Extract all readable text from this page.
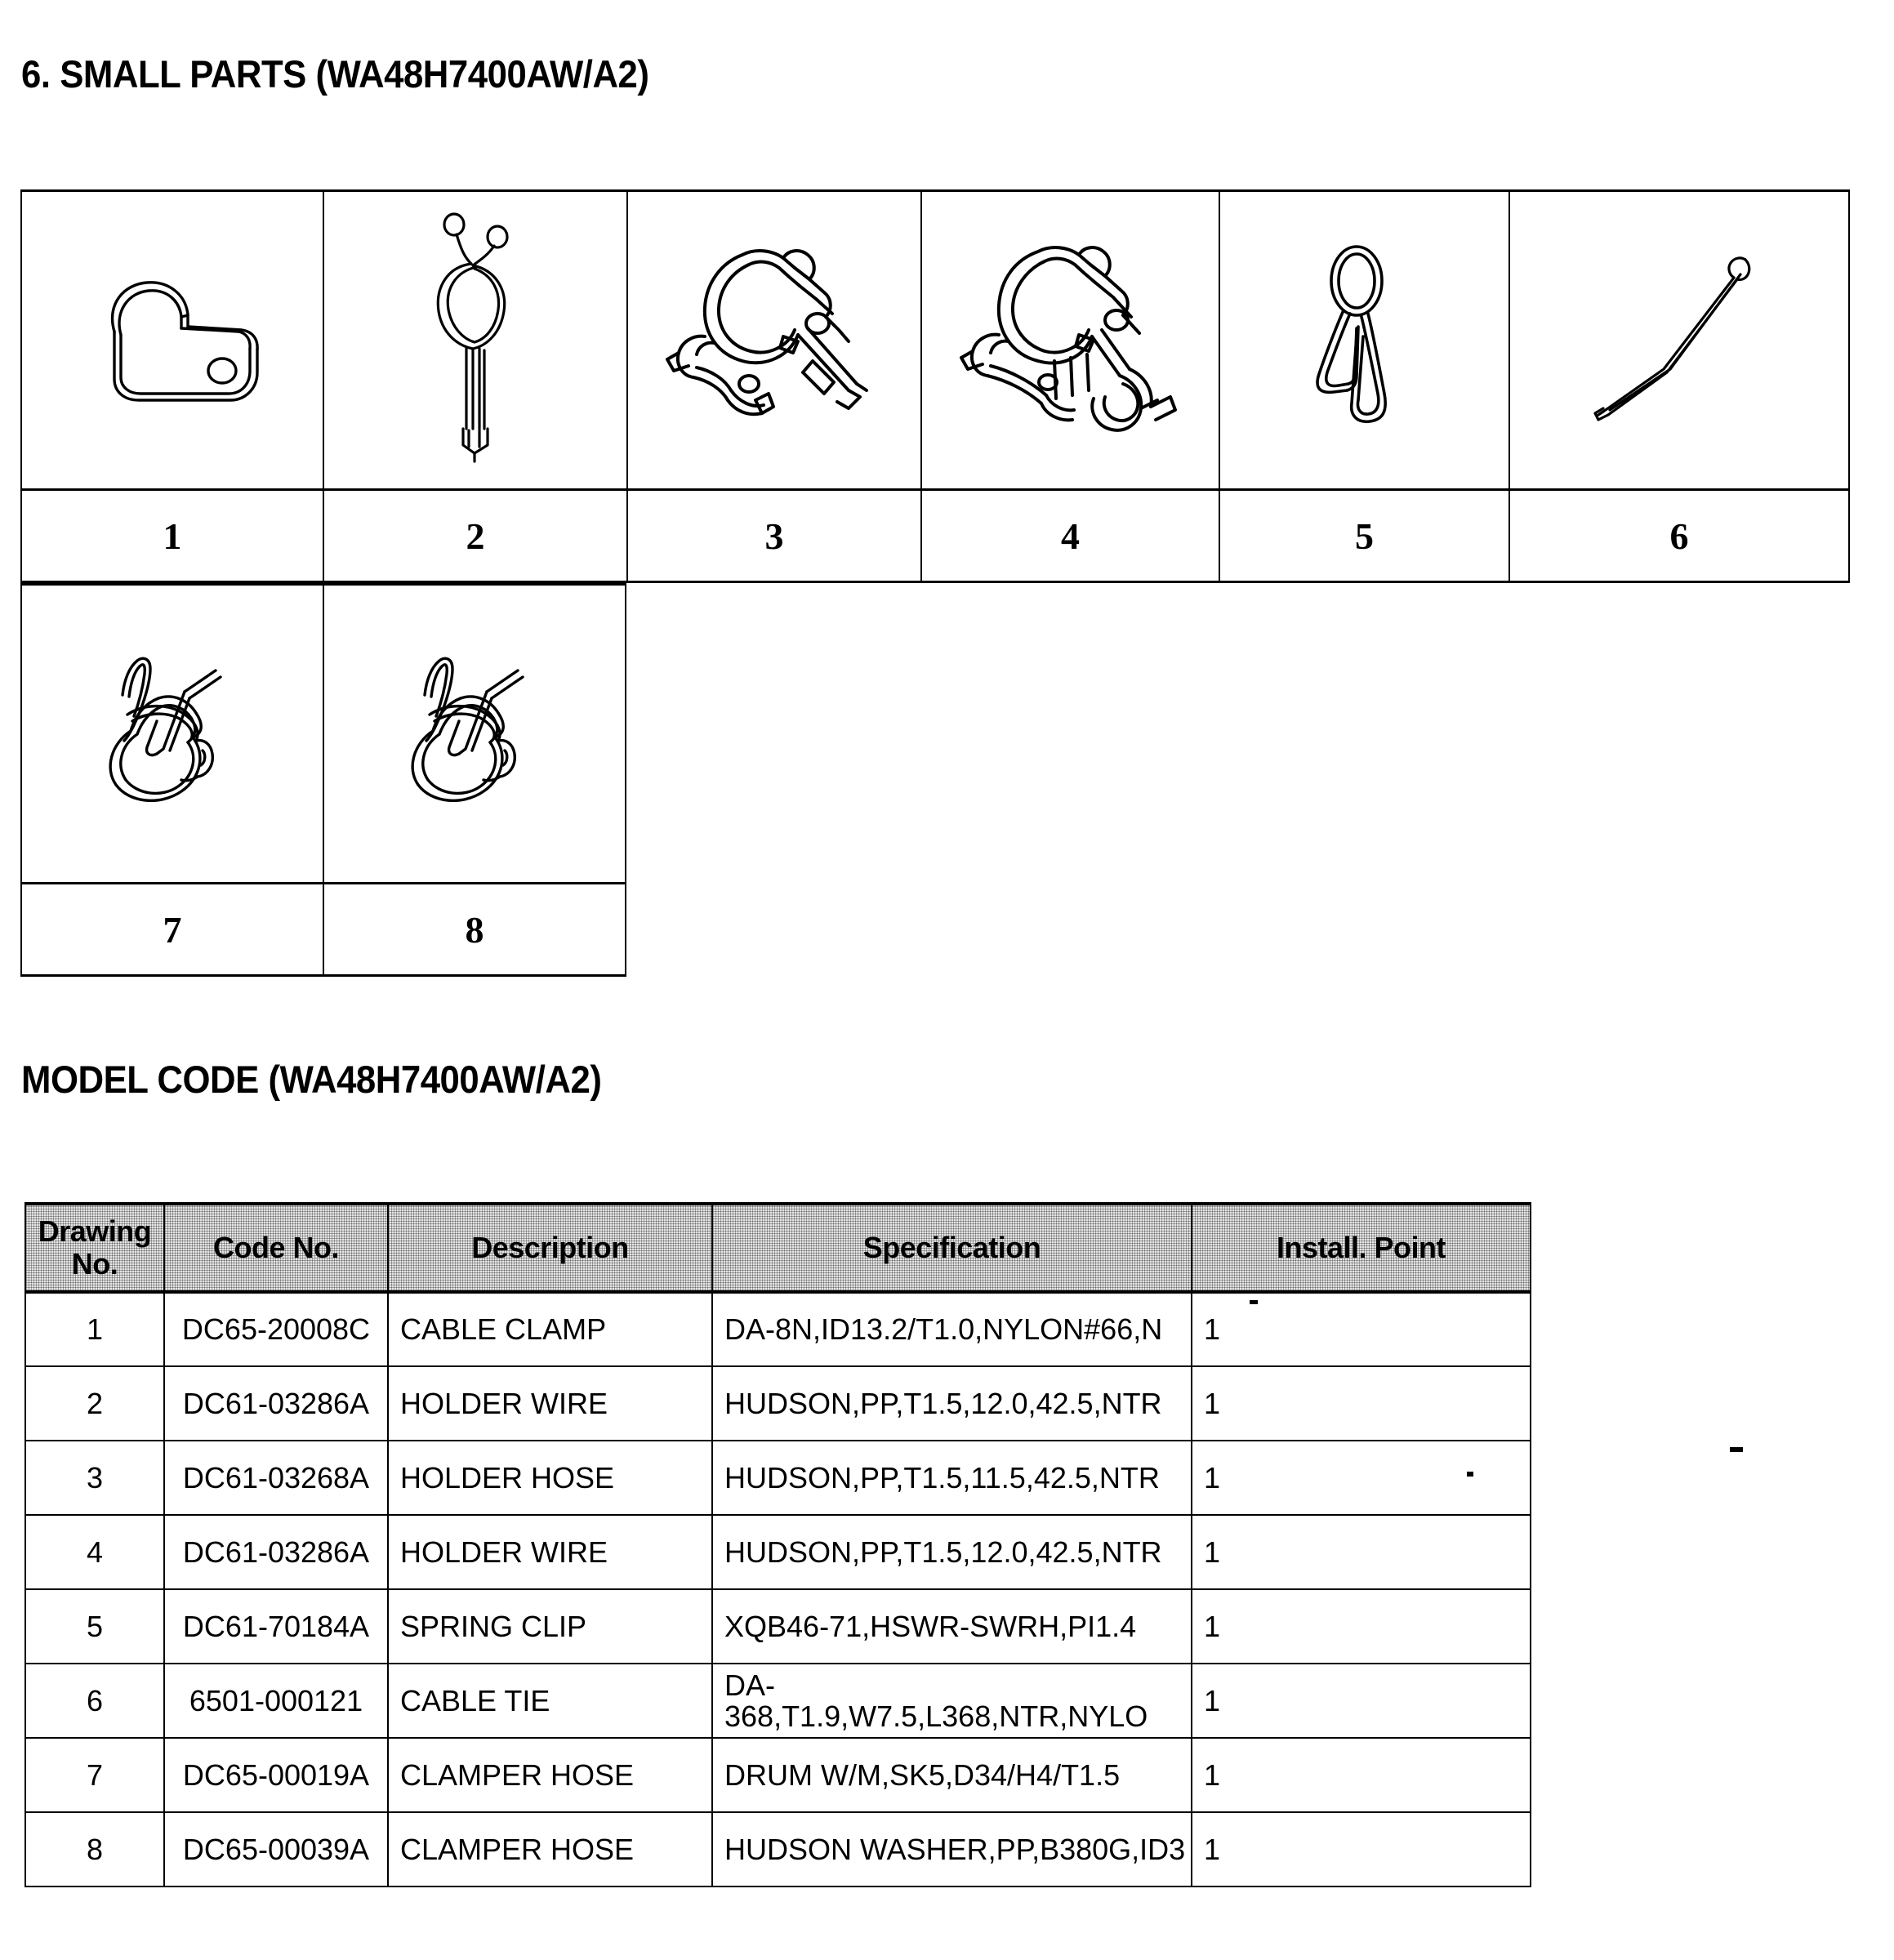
6. SMALL PARTS (WA48H7400AW/A2)
1	2	3	4	5	6
7	8
MODEL CODE (WA48H7400AW/A2)
Drawing
No.	Code No.	Description	Specification	Install. Point
1	DC65-20008C	CABLE CLAMP	DA-8N,ID13.2/T1.0,NYLON#66,N	1
2	DC61-03286A	HOLDER WIRE	HUDSON,PP,T1.5,12.0,42.5,NTR	1
3	DC61-03268A	HOLDER HOSE	HUDSON,PP,T1.5,11.5,42.5,NTR	1
4	DC61-03286A	HOLDER WIRE	HUDSON,PP,T1.5,12.0,42.5,NTR	1
5	DC61-70184A	SPRING CLIP	XQB46-71,HSWR-SWRH,PI1.4	1
6	6501-000121	CABLE TIE	DA-368,T1.9,W7.5,L368,NTR,NYLO	1
7	DC65-00019A	CLAMPER HOSE	DRUM W/M,SK5,D34/H4/T1.5	1
8	DC65-00039A	CLAMPER HOSE	HUDSON WASHER,PP,B380G,ID3	1
